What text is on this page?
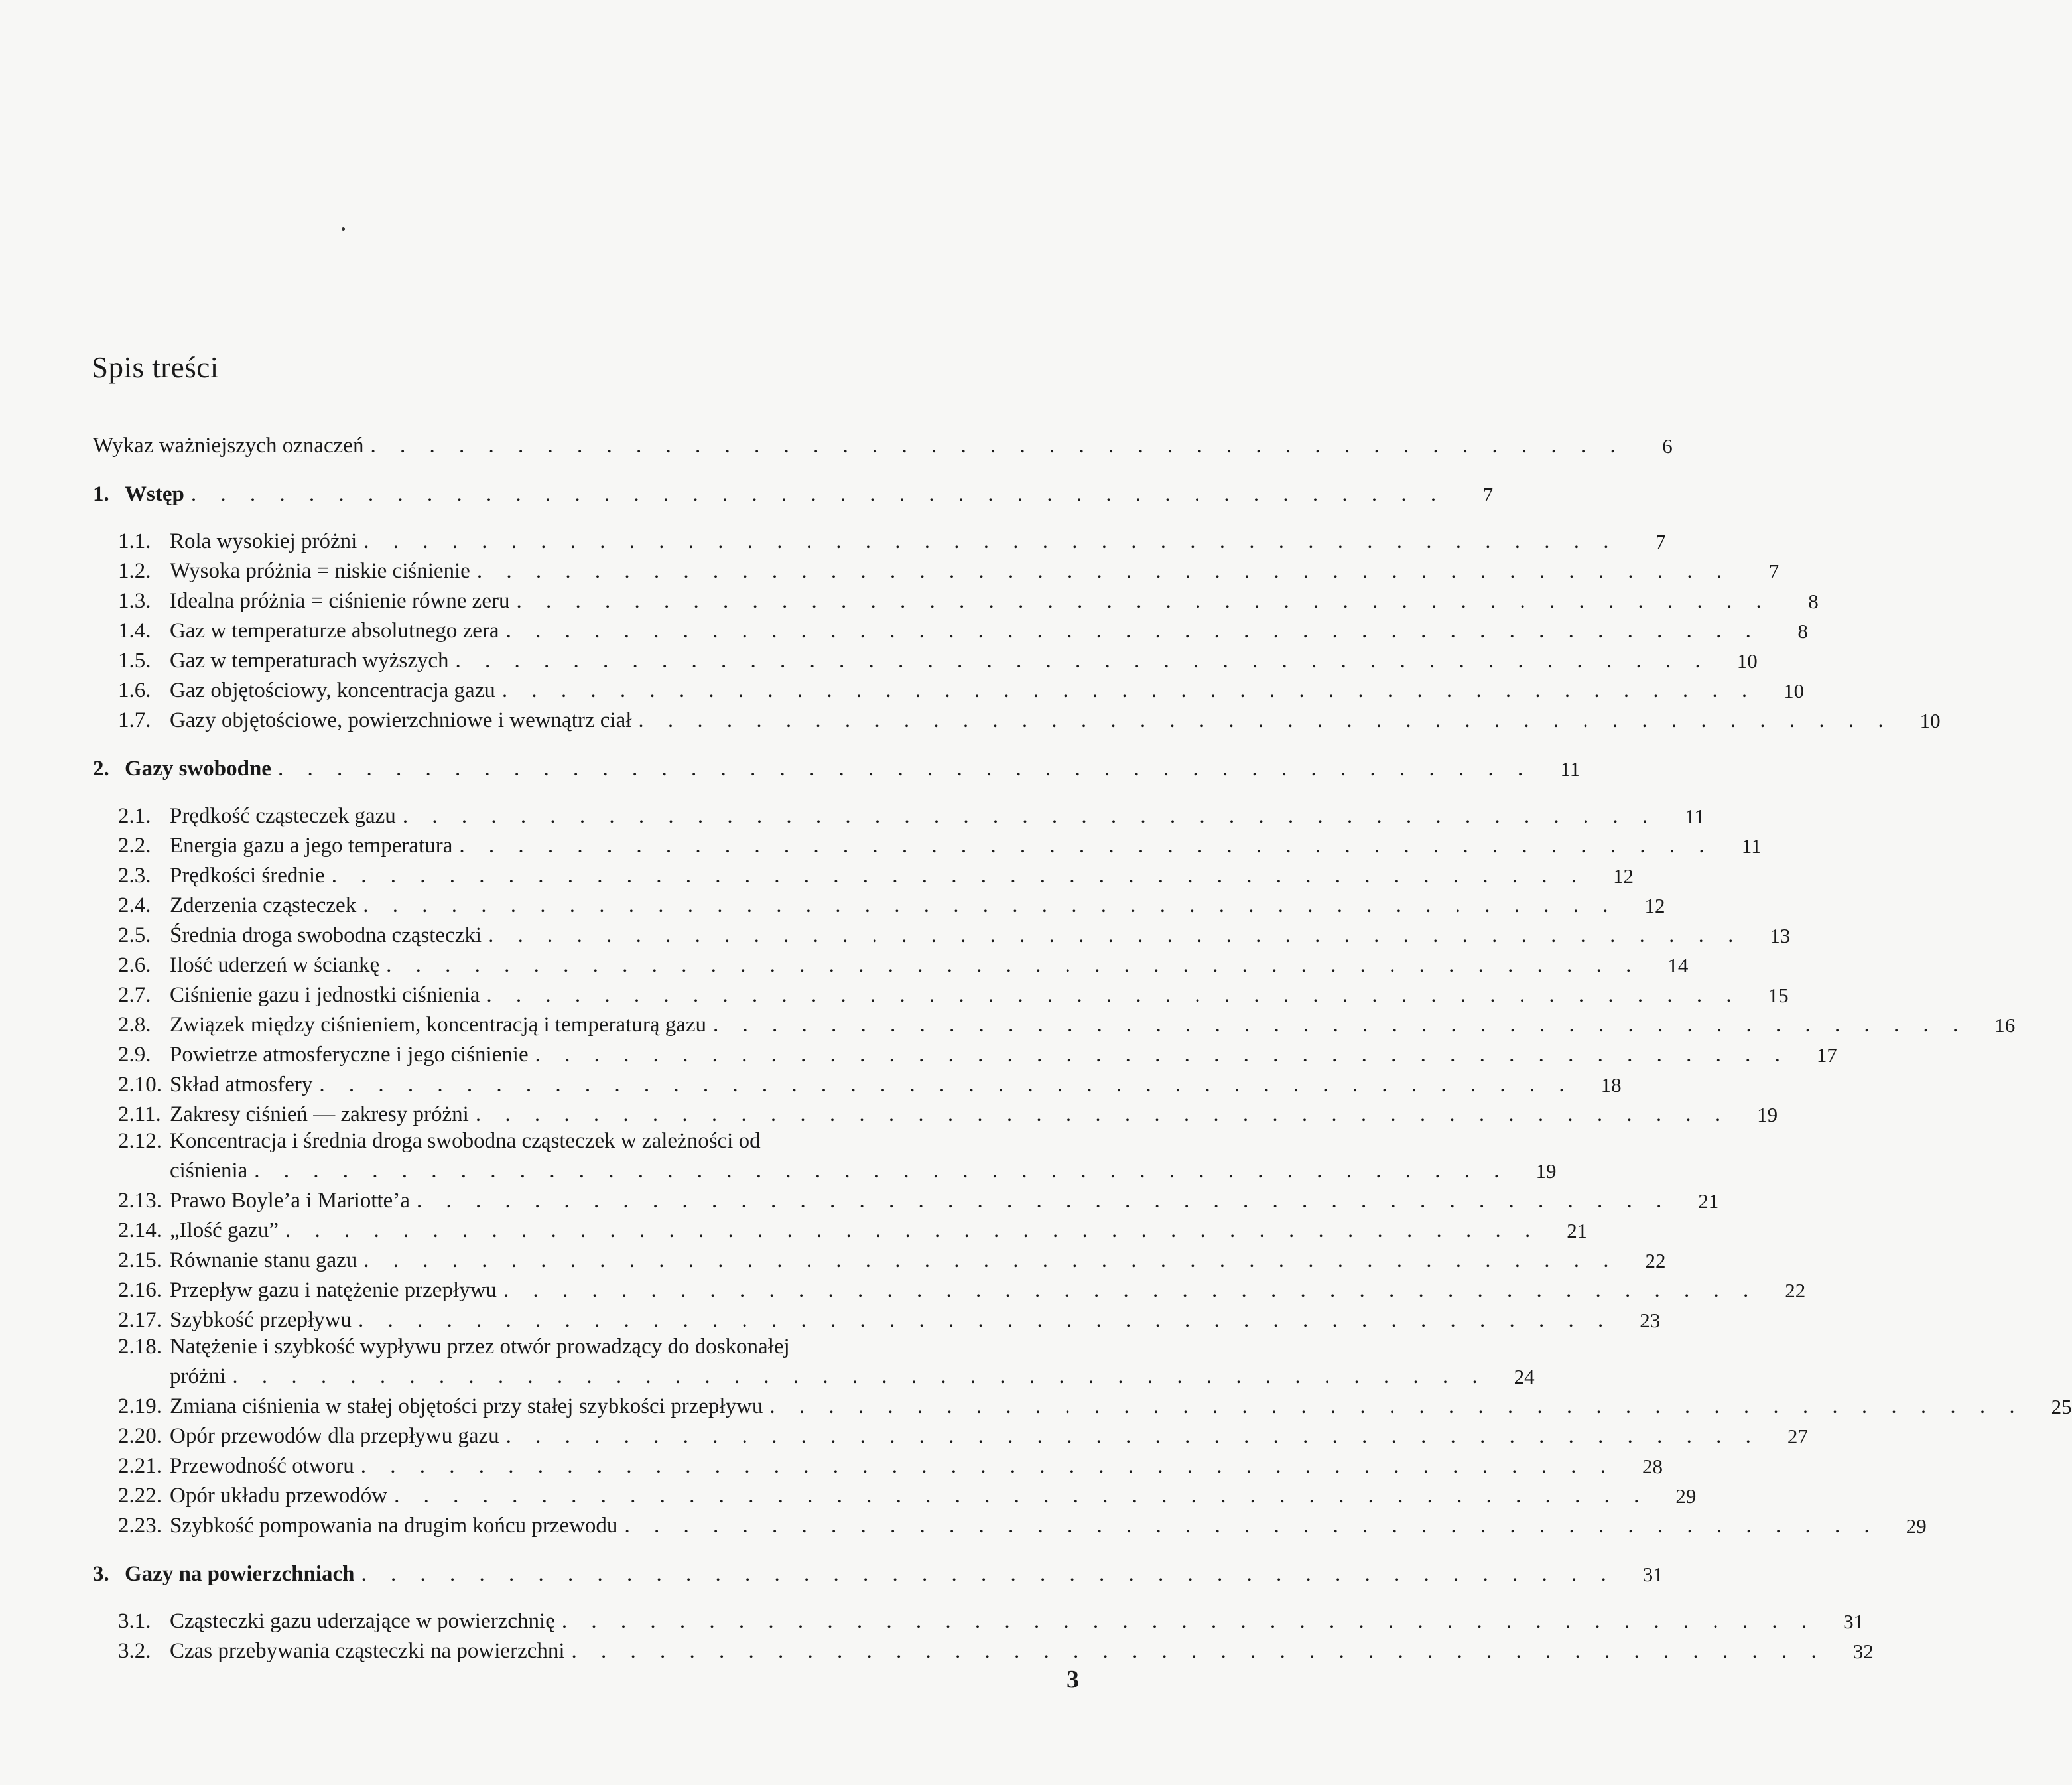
Spis treści
Wykaz ważniejszych oznaczeń . . . . . . . . . . . . . . . . . . . . . . . . . . . . . . . . . . . . . . . . . . .	6
1. Wstęp . . . . . . . . . . . . . . . . . . . . . . . . . . . . . . . . . . . . . . . . . . .	7
1.1. Rola wysokiej próżni . . . . . . . . . . . . . . . . . . . . . . . . . . . . . . . . . . . . . . . . . . .	7
1.2. Wysoka próżnia = niskie ciśnienie . . . . . . . . . . . . . . . . . . . . . . . . . . . . . . . . . . . . . . . . . . .	7
1.3. Idealna próżnia = ciśnienie równe zeru . . . . . . . . . . . . . . . . . . . . . . . . . . . . . . . . . . . . . . . . . . .	8
1.4. Gaz w temperaturze absolutnego zera . . . . . . . . . . . . . . . . . . . . . . . . . . . . . . . . . . . . . . . . . . .	8
1.5. Gaz w temperaturach wyższych . . . . . . . . . . . . . . . . . . . . . . . . . . . . . . . . . . . . . . . . . . .	10
1.6. Gaz objętościowy, koncentracja gazu . . . . . . . . . . . . . . . . . . . . . . . . . . . . . . . . . . . . . . . . . . .	10
1.7. Gazy objętościowe, powierzchniowe i wewnątrz ciał . . . . . . . . . . . . . . . . . . . . . . . . . . . . . . . . . . . . . . . . . . .	10
2. Gazy swobodne . . . . . . . . . . . . . . . . . . . . . . . . . . . . . . . . . . . . . . . . . . .	11
2.1. Prędkość cząsteczek gazu . . . . . . . . . . . . . . . . . . . . . . . . . . . . . . . . . . . . . . . . . . .	11
2.2. Energia gazu a jego temperatura . . . . . . . . . . . . . . . . . . . . . . . . . . . . . . . . . . . . . . . . . . .	11
2.3. Prędkości średnie . . . . . . . . . . . . . . . . . . . . . . . . . . . . . . . . . . . . . . . . . . .	12
2.4. Zderzenia cząsteczek . . . . . . . . . . . . . . . . . . . . . . . . . . . . . . . . . . . . . . . . . . .	12
2.5. Średnia droga swobodna cząsteczki . . . . . . . . . . . . . . . . . . . . . . . . . . . . . . . . . . . . . . . . . . .	13
2.6. Ilość uderzeń w ściankę . . . . . . . . . . . . . . . . . . . . . . . . . . . . . . . . . . . . . . . . . . .	14
2.7. Ciśnienie gazu i jednostki ciśnienia . . . . . . . . . . . . . . . . . . . . . . . . . . . . . . . . . . . . . . . . . . .	15
2.8. Związek między ciśnieniem, koncentracją i temperaturą gazu . . . . . . . . . . . . . . . . . . . . . . . . . . . . . . . . . . . . . . . . . . .	16
2.9. Powietrze atmosferyczne i jego ciśnienie . . . . . . . . . . . . . . . . . . . . . . . . . . . . . . . . . . . . . . . . . . .	17
2.10. Skład atmosfery . . . . . . . . . . . . . . . . . . . . . . . . . . . . . . . . . . . . . . . . . . .	18
2.11. Zakresy ciśnień — zakresy próżni . . . . . . . . . . . . . . . . . . . . . . . . . . . . . . . . . . . . . . . . . . .	19
2.12. Koncentracja i średnia droga swobodna cząsteczek w zależności od
ciśnienia . . . . . . . . . . . . . . . . . . . . . . . . . . . . . . . . . . . . . . . . . . .	19
2.13. Prawo Boyle’a i Mariotte’a . . . . . . . . . . . . . . . . . . . . . . . . . . . . . . . . . . . . . . . . . . .	21
2.14. „Ilość gazu” . . . . . . . . . . . . . . . . . . . . . . . . . . . . . . . . . . . . . . . . . . .	21
2.15. Równanie stanu gazu . . . . . . . . . . . . . . . . . . . . . . . . . . . . . . . . . . . . . . . . . . .	22
2.16. Przepływ gazu i natężenie przepływu . . . . . . . . . . . . . . . . . . . . . . . . . . . . . . . . . . . . . . . . . . .	22
2.17. Szybkość przepływu . . . . . . . . . . . . . . . . . . . . . . . . . . . . . . . . . . . . . . . . . . .	23
2.18. Natężenie i szybkość wypływu przez otwór prowadzący do doskonałej
próżni . . . . . . . . . . . . . . . . . . . . . . . . . . . . . . . . . . . . . . . . . . .	24
2.19. Zmiana ciśnienia w stałej objętości przy stałej szybkości przepływu . . . . . . . . . . . . . . . . . . . . . . . . . . . . . . . . . . . . . . . . . . .	25
2.20. Opór przewodów dla przepływu gazu . . . . . . . . . . . . . . . . . . . . . . . . . . . . . . . . . . . . . . . . . . .	27
2.21. Przewodność otworu . . . . . . . . . . . . . . . . . . . . . . . . . . . . . . . . . . . . . . . . . . .	28
2.22. Opór układu przewodów . . . . . . . . . . . . . . . . . . . . . . . . . . . . . . . . . . . . . . . . . . .	29
2.23. Szybkość pompowania na drugim końcu przewodu . . . . . . . . . . . . . . . . . . . . . . . . . . . . . . . . . . . . . . . . . . .	29
3. Gazy na powierzchniach . . . . . . . . . . . . . . . . . . . . . . . . . . . . . . . . . . . . . . . . . . .	31
3.1. Cząsteczki gazu uderzające w powierzchnię . . . . . . . . . . . . . . . . . . . . . . . . . . . . . . . . . . . . . . . . . . .	31
3.2. Czas przebywania cząsteczki na powierzchni . . . . . . . . . . . . . . . . . . . . . . . . . . . . . . . . . . . . . . . . . . .	32
3
